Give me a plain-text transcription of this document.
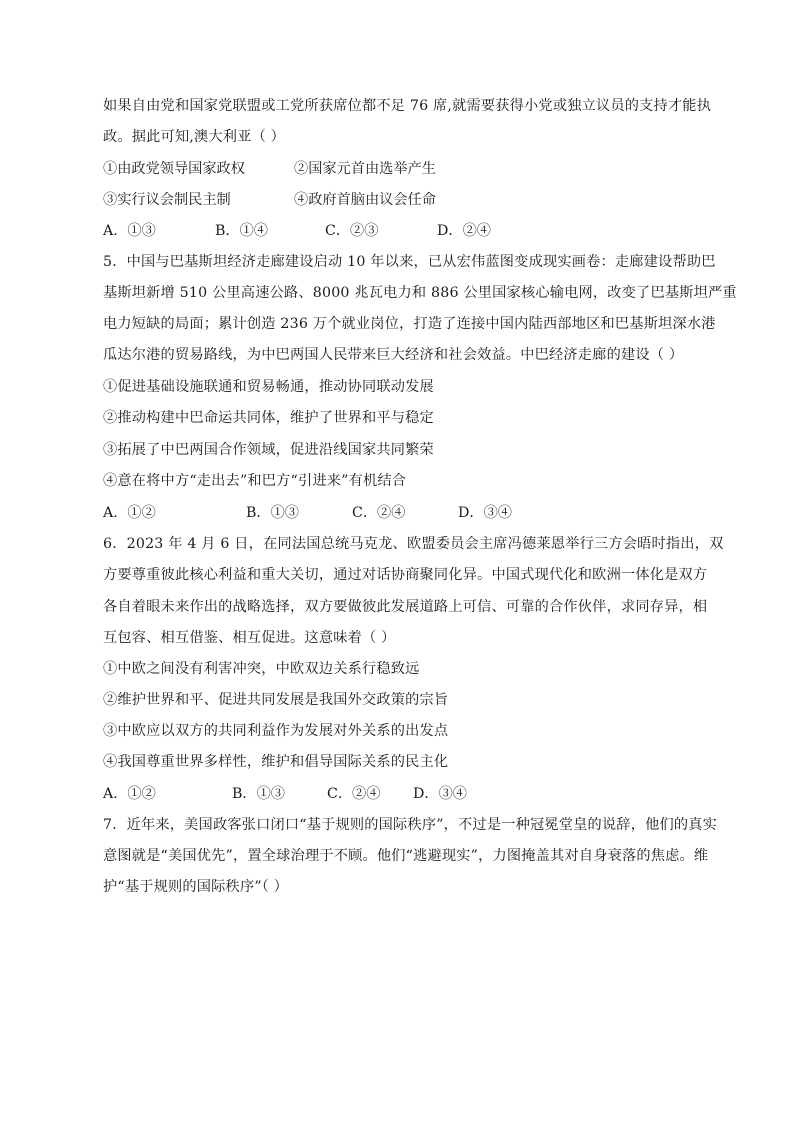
如果自由党和国家党联盟或工党所获席位都不足 76 席,就需要获得小党或独立议员的支持才能执
政。据此可知,澳大利亚（ ）
①由政党领导国家政权	②国家元首由选举产生
③实行议会制民主制	④政府首脑由议会任命
A．①③	B．①④	C．②③	D．②④
5．中国与巴基斯坦经济走廊建设启动 10 年以来，已从宏伟蓝图变成现实画卷：走廊建设帮助巴
基斯坦新增 510 公里高速公路、8000 兆瓦电力和 886 公里国家核心输电网，改变了巴基斯坦严重
电力短缺的局面；累计创造 236 万个就业岗位，打造了连接中国内陆西部地区和巴基斯坦深水港
瓜达尔港的贸易路线，为中巴两国人民带来巨大经济和社会效益。中巴经济走廊的建设（ ）
①促进基础设施联通和贸易畅通，推动协同联动发展
②推动构建中巴命运共同体，维护了世界和平与稳定
③拓展了中巴两国合作领域，促进沿线国家共同繁荣
④意在将中方“走出去”和巴方“引进来”有机结合
A．①②	B．①③	C．②④	D．③④
6．2023 年 4 月 6 日，在同法国总统马克龙、欧盟委员会主席冯德莱恩举行三方会晤时指出，双
方要尊重彼此核心利益和重大关切，通过对话协商聚同化异。中国式现代化和欧洲一体化是双方
各自着眼未来作出的战略选择，双方要做彼此发展道路上可信、可靠的合作伙伴，求同存异，相
互包容、相互借鉴、相互促进。这意味着（ ）
①中欧之间没有利害冲突，中欧双边关系行稳致远
②维护世界和平、促进共同发展是我国外交政策的宗旨
③中欧应以双方的共同利益作为发展对外关系的出发点
④我国尊重世界多样性，维护和倡导国际关系的民主化
A．①②	B．①③	C．②④ D．③④
7．近年来，美国政客张口闭口“基于规则的国际秩序”，不过是一种冠冕堂皇的说辞，他们的真实
意图就是“美国优先”，置全球治理于不顾。他们“逃避现实”，力图掩盖其对自身衰落的焦虑。维
护“基于规则的国际秩序”（ ）
